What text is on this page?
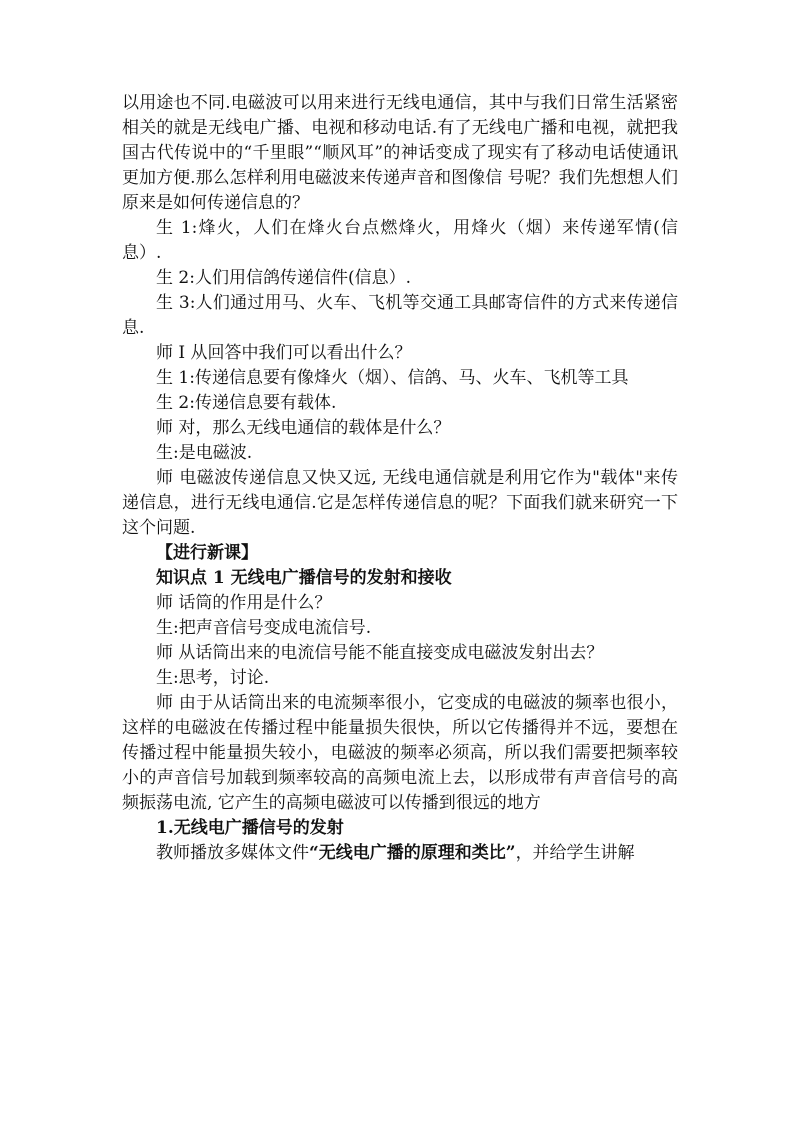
以用途也不同.电磁波可以用来进行无线电通信，其中与我们日常生活紧密相关的就是无线电广播、电视和移动电话.有了无线电广播和电视，就把我国古代传说中的“千里眼”“顺风耳”的神话变成了现实有了移动电话使通讯更加方便.那么怎样利用电磁波来传递声音和图像信 号呢？我们先想想人们原来是如何传递信息的？

生 1:烽火，人们在烽火台点燃烽火，用烽火（烟）来传递军情(信息）.

生 2:人们用信鸽传递信件(信息）.

生 3:人们通过用马、火车、飞机等交通工具邮寄信件的方式来传递信息.

师 I 从回答中我们可以看出什么？

生 1:传递信息要有像烽火（烟）、信鸽、马、火车、飞机等工具

生 2:传递信息要有载体.

师 对，那么无线电通信的载体是什么？

生:是电磁波.

师 电磁波传递信息又快又远, 无线电通信就是利用它作为"载体"来传递信息，进行无线电通信.它是怎样传递信息的呢？下面我们就来研究一下这个问题.

【进行新课】

知识点 1 无线电广播信号的发射和接收

师 话筒的作用是什么？

生:把声音信号变成电流信号.

师 从话筒出来的电流信号能不能直接变成电磁波发射出去？

生:思考，讨论.

师 由于从话筒出来的电流频率很小，它变成的电磁波的频率也很小，这样的电磁波在传播过程中能量损失很快，所以它传播得并不远，要想在传播过程中能量损失较小，电磁波的频率必须高，所以我们需要把频率较小的声音信号加载到频率较高的高频电流上去，以形成带有声音信号的高频振荡电流, 它产生的高频电磁波可以传播到很远的地方

1.无线电广播信号的发射

教师播放多媒体文件“无线电广播的原理和类比”，并给学生讲解
